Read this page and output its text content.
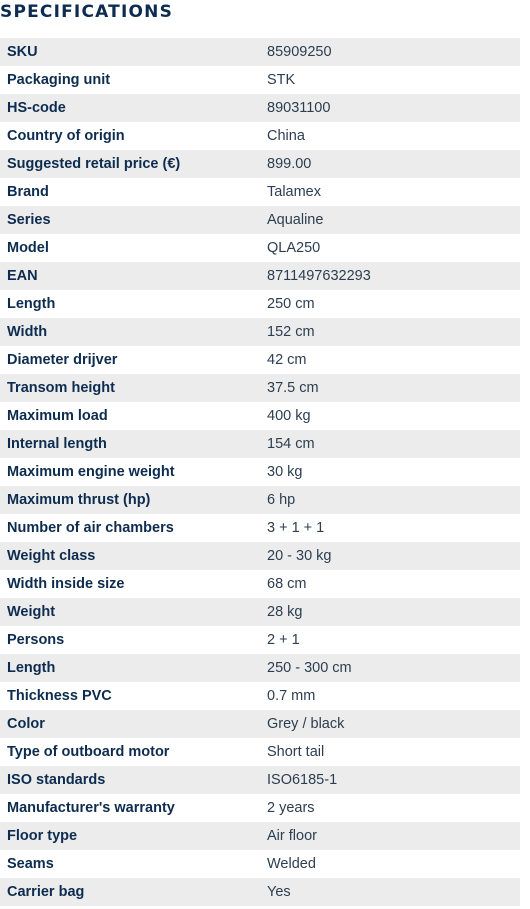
SPECIFICATIONS
SKU	85909250
Packaging unit	STK
HS-code	89031100
Country of origin	China
Suggested retail price (€)	899.00
Brand	Talamex
Series	Aqualine
Model	QLA250
EAN	8711497632293
Length	250 cm
Width	152 cm
Diameter drijver	42 cm
Transom height	37.5 cm
Maximum load	400 kg
Internal length	154 cm
Maximum engine weight	30 kg
Maximum thrust (hp)	6 hp
Number of air chambers	3 + 1 + 1
Weight class	20 - 30 kg
Width inside size	68 cm
Weight	28 kg
Persons	2 + 1
Length	250 - 300 cm
Thickness PVC	0.7 mm
Color	Grey / black
Type of outboard motor	Short tail
ISO standards	ISO6185-1
Manufacturer's warranty	2 years
Floor type	Air floor
Seams	Welded
Carrier bag	Yes
